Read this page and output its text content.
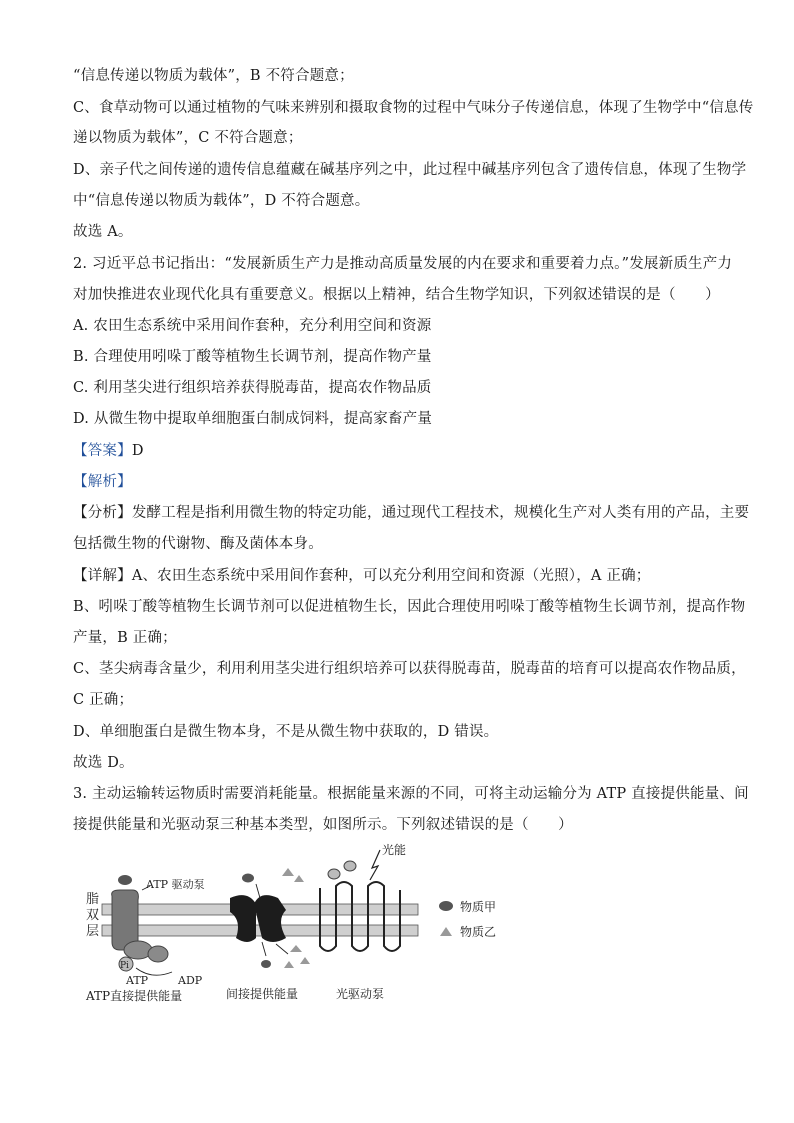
“信息传递以物质为载体”，B 不符合题意；
C、食草动物可以通过植物的气味来辨别和摄取食物的过程中气味分子传递信息，体现了生物学中“信息传
递以物质为载体”，C 不符合题意；
D、亲子代之间传递的遗传信息蕴藏在碱基序列之中，此过程中碱基序列包含了遗传信息，体现了生物学
中“信息传递以物质为载体”，D 不符合题意。
故选 A。
2. 习近平总书记指出：“发展新质生产力是推动高质量发展的内在要求和重要着力点。”发展新质生产力
对加快推进农业现代化具有重要意义。根据以上精神，结合生物学知识，下列叙述错误的是（　　）
A. 农田生态系统中采用间作套种，充分利用空间和资源
B. 合理使用吲哚丁酸等植物生长调节剂，提高作物产量
C. 利用茎尖进行组织培养获得脱毒苗，提高农作物品质
D. 从微生物中提取单细胞蛋白制成饲料，提高家畜产量
【答案】D
【解析】
【分析】发酵工程是指利用微生物的特定功能，通过现代工程技术，规模化生产对人类有用的产品，主要
包括微生物的代谢物、酶及菌体本身。
【详解】A、农田生态系统中采用间作套种，可以充分利用空间和资源（光照），A 正确；
B、吲哚丁酸等植物生长调节剂可以促进植物生长，因此合理使用吲哚丁酸等植物生长调节剂，提高作物
产量，B 正确；
C、茎尖病毒含量少，利用利用茎尖进行组织培养可以获得脱毒苗，脱毒苗的培育可以提高农作物品质，
C 正确；
D、单细胞蛋白是微生物本身，不是从微生物中获取的，D 错误。
故选 D。
3. 主动运输转运物质时需要消耗能量。根据能量来源的不同，可将主动运输分为 ATP 直接提供能量、间
接提供能量和光驱动泵三种基本类型，如图所示。下列叙述错误的是（　　）
脂
双
层
Pi
ATP 驱动泵
ATP	ADP
光能
物质甲
物质乙
ATP直接提供能量	间接提供能量	光驱动泵
